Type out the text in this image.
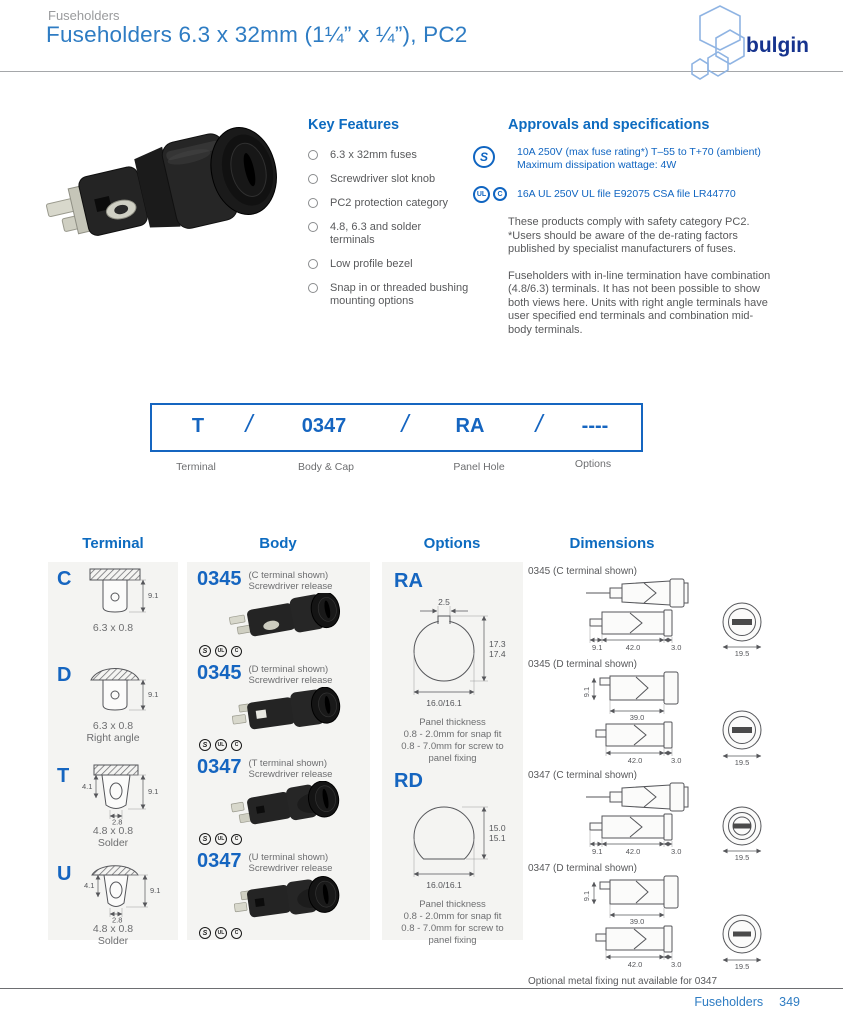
Fuseholders
Fuseholders 6.3 x 32mm (1¼” x ¼”), PC2	bulgin
Key Features
6.3 x 32mm fuses
Screwdriver slot knob
PC2 protection category
4.8, 6.3 and solder terminals
Low profile bezel
Snap in or threaded bushing mounting options
Approvals and specifications
S	10A 250V (max fuse rating*) T–55 to T+70 (ambient)
Maximum dissipation wattage: 4W
UL	C	16A UL 250V UL file E92075 CSA file LR44770
These products comply with safety category PC2. *Users should be aware of the de-rating factors published by specialist manufacturers of fuses.
Fuseholders with in-line termination have combination (4.8/6.3) terminals. It has not been possible to show both views here. Units with right angle terminals have user specified end terminals and combination mid-body terminals.
T / 0347 / RA / ----
Terminal	Body & Cap	Panel Hole	Options
Terminal	Body	Options	Dimensions
C
9.1
6.3 x 0.8
D
9.1
6.3 x 0.8
Right angle
T 4.1
9.1
2.8
4.8 x 0.8
Solder
U
4.1
9.1
2.8
4.8 x 0.8
Solder
0345 (C terminal shown)
Screwdriver release
S	UL	C
0345 (D terminal shown)
Screwdriver release
S	UL	C
0347 (T terminal shown)
Screwdriver release
S	UL	C
0347 (U terminal shown)
Screwdriver release
S	UL	C
RA
2.5
17.3
17.4
16.0/16.1
Panel thickness
0.8 - 2.0mm for snap fit
0.8 - 7.0mm for screw to
panel fixing
RD
15.0
15.1
16.0/16.1
Panel thickness
0.8 - 2.0mm for snap fit
0.8 - 7.0mm for screw to
panel fixing
0345 (C terminal shown)
9.1	42.0	3.0
19.5
0345 (D terminal shown)
9.1
39.0
42.0	3.0	19.5
0347 (C terminal shown)
9.1	42.0	3.0
19.5
0347 (D terminal shown)
9.1
39.0
42.0	3.0	19.5
Optional metal fixing nut available for 0347
Fuseholders 349
